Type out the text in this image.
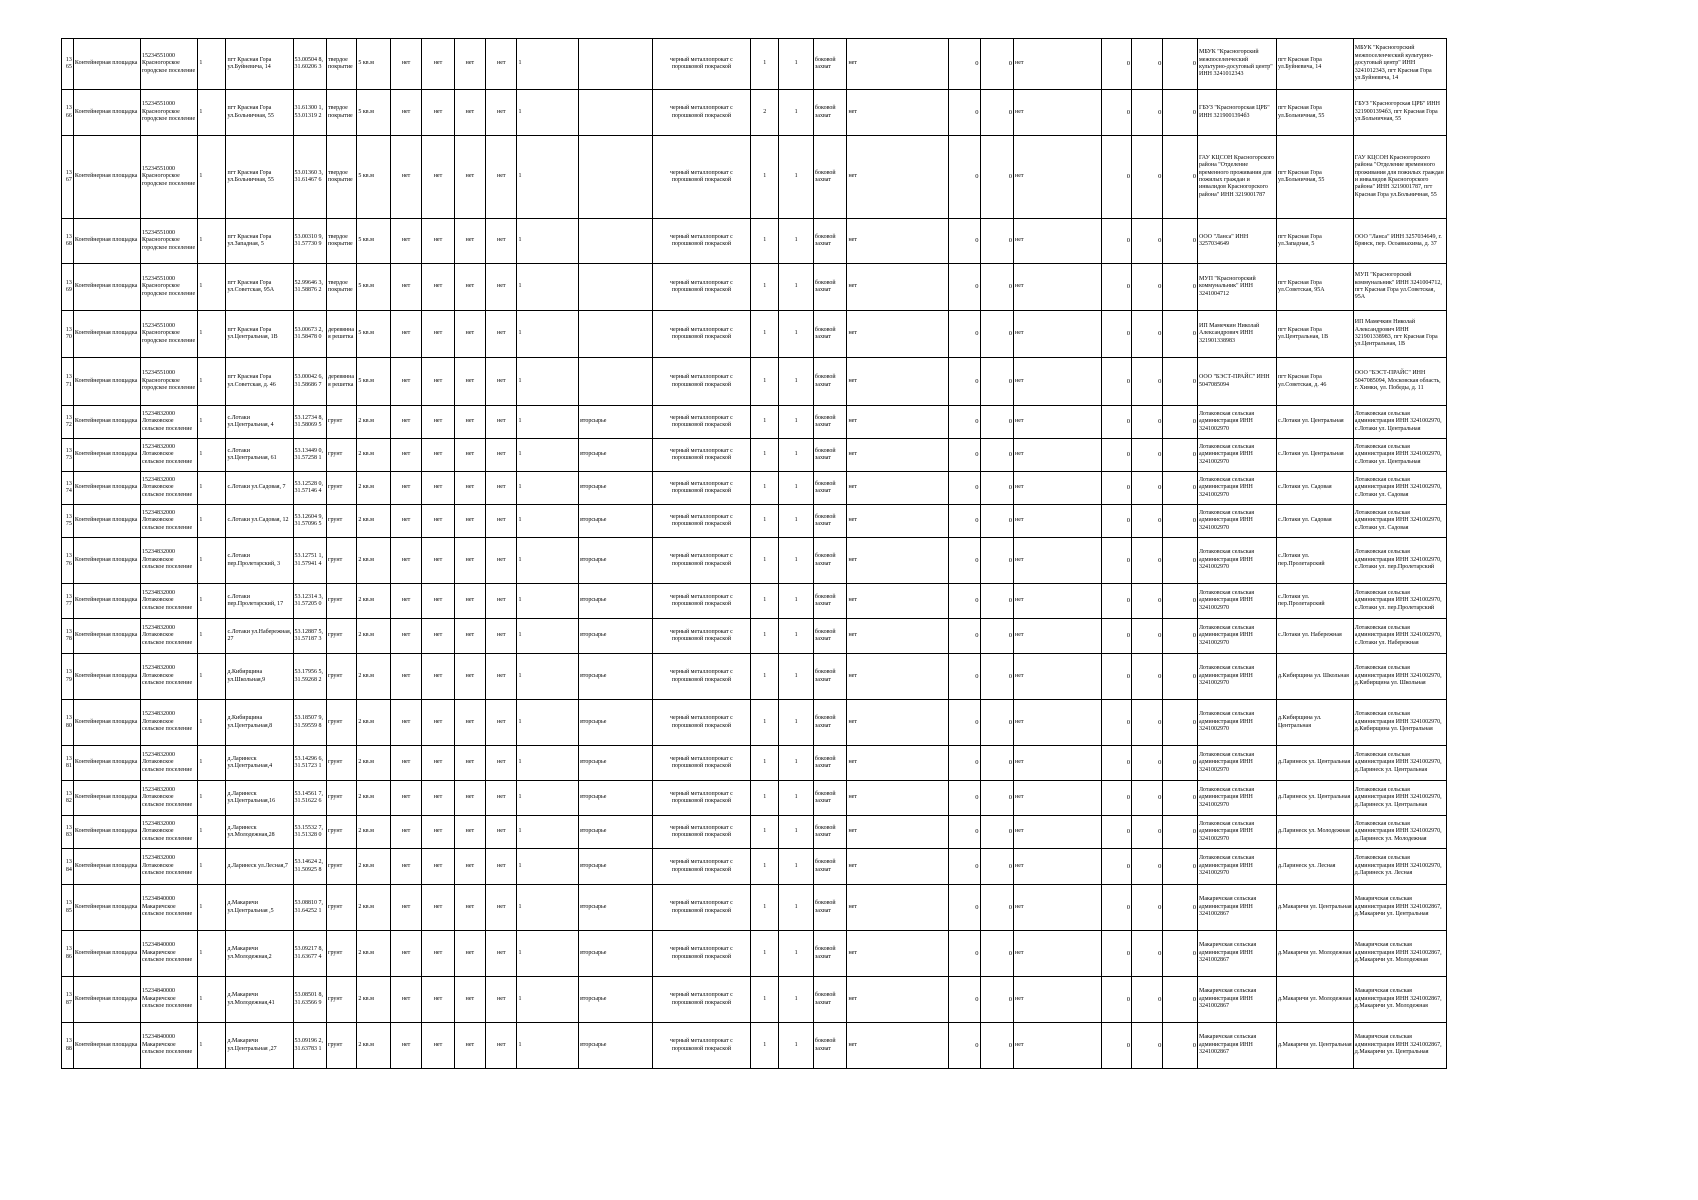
1365	Контейнерная площадка	15234551000 Красногорское городское поселение	1	пгт Красная Гора ул.Буйневича, 14	53.00504 8, 31.60206 3	твердое покрытие	5 кв.м	нет	нет	нет	нет	1		черный металлопрокат с порошковой покраской	1	1	боковой захват	нет	0	0	нет	0	0	0	МБУК "Красногорский межпоселенческий культурно-досуговый центр" ИНН 3241012343	пгт Красная Гора ул.Буйневича, 14	МБУК "Красногорский межпоселенческий культурно-досуговый центр" ИНН 3241012343, пгт Красная Гора ул.Буйневича, 14
1366	Контейнерная площадка	15234551000 Красногорское городское поселение	1	пгт Красная Гора ул.Больничная, 55	31.61300 1, 53.01319 2	твердое покрытие	5 кв.м	нет	нет	нет	нет	1		черный металлопрокат с порошковой покраской	2	1	боковой захват	нет	0	0	нет	0	0	0	ГБУЗ "Красногорская ЦРБ" ИНН 3219001394б3	пгт Красная Гора ул.Больничная, 55	ГБУЗ "Красногорская ЦРБ" ИНН 3219001394б3, пгт Красная Гора ул.Больничная, 55
1367	Контейнерная площадка	15234551000 Красногорское городское поселение	1	пгт Красная Гора ул.Больничная, 55	53.01360 3, 31.61467 6	твердое покрытие	5 кв.м	нет	нет	нет	нет	1		черный металлопрокат с порошковой покраской	1	1	боковой захват	нет	0	0	нет	0	0	0	ГАУ КЦСОН Красногорского района "Отделение временного проживания для пожилых граждан и инвалидов Красногорского района" ИНН 3219001787	пгт Красная Гора ул.Больничная, 55	ГАУ КЦСОН Красногорского района "Отделение временного проживания для пожилых граждан и инвалидов Красногорского района" ИНН 3219001787, пгт Красная Гора ул.Больничная, 55
1368	Контейнерная площадка	15234551000 Красногорское городское поселение	1	пгт Красная Гора ул.Западная, 5	53.00310 9, 31.57730 9	твердое покрытие	5 кв.м	нет	нет	нет	нет	1		черный металлопрокат с порошковой покраской	1	1	боковой захват	нет	0	0	нет	0	0	0	ООО "Ланса" ИНН 3257034649	пгт Красная Гора ул.Западная, 5	ООО "Ланса" ИНН 3257034649, г. Брянск, пер. Осоавиахима, д. 37
1369	Контейнерная площадка	15234551000 Красногорское городское поселение	1	пгт Красная Гора ул.Советская, 95А	52.99646 3, 31.58876 2	твердое покрытие	5 кв.м	нет	нет	нет	нет	1		черный металлопрокат с порошковой покраской	1	1	боковой захват	нет	0	0	нет	0	0	0	МУП "Красногорский коммунальник" ИНН 3241004712	пгт Красная Гора ул.Советская, 95А	МУП "Красногорский коммунальник" ИНН 3241004712, пгт Красная Гора ул.Советская, 95А
1370	Контейнерная площадка	15234551000 Красногорское городское поселение	1	пгт Красная Гора ул.Центральная, 1В	53.00673 2, 31.58478 0	деревянная решетка	5 кв.м	нет	нет	нет	нет	1		черный металлопрокат с порошковой покраской	1	1	боковой захват	нет	0	0	нет	0	0	0	ИП Мамечкин Николай Александрович ИНН 321901338983	пгт Красная Гора ул.Центральная, 1В	ИП Мамечкин Николай Александрович ИНН 321901338983, пгт Красная Гора ул.Центральная, 1В
1371	Контейнерная площадка	15234551000 Красногорское городское поселение	1	пгт Красная Гора ул.Советская, д. 46	53.00042 6, 31.58686 7	деревянная решетка	5 кв.м	нет	нет	нет	нет	1		черный металлопрокат с порошковой покраской	1	1	боковой захват	нет	0	0	нет	0	0	0	ООО "БЭСТ-ПРАЙС" ИНН 5047085094	пгт Красная Гора ул.Советская, д. 46	ООО "БЭСТ-ПРАЙС" ИНН 5047085094, Московская область, г. Химки, ул. Победы, д. 11
1372	Контейнерная площадка	15234832000 Лотаковское сельское поселение	1	с.Лотаки ул.Центральная, 4	53.12734 8, 31.58069 5	грунт	2 кв.м	нет	нет	нет	нет	1	вторсырье	черный металлопрокат с порошковой покраской	1	1	боковой захват	нет	0	0	нет	0	0	0	Лотаковская сельская администрация ИНН 3241002970	с.Лотаки ул. Центральная	Лотаковская сельская администрация ИНН 3241002970, с.Лотаки ул. Центральная
1373	Контейнерная площадка	15234832000 Лотаковское сельское поселение	1	с.Лотаки ул.Центральная, 61	53.13449 0, 31.57258 1	грунт	2 кв.м	нет	нет	нет	нет	1	вторсырье	черный металлопрокат с порошковой покраской	1	1	боковой захват	нет	0	0	нет	0	0	0	Лотаковская сельская администрация ИНН 3241002970	с.Лотаки ул. Центральная	Лотаковская сельская администрация ИНН 3241002970, с.Лотаки ул. Центральная
1374	Контейнерная площадка	15234832000 Лотаковское сельское поселение	1	с.Лотаки ул.Садовая, 7	53.12528 0, 31.57146 4	грунт	2 кв.м	нет	нет	нет	нет	1	вторсырье	черный металлопрокат с порошковой покраской	1	1	боковой захват	нет	0	0	нет	0	0	0	Лотаковская сельская администрация ИНН 3241002970	с.Лотаки ул. Садовая	Лотаковская сельская администрация ИНН 3241002970, с.Лотаки ул. Садовая
1375	Контейнерная площадка	15234832000 Лотаковское сельское поселение	1	с.Лотаки ул.Садовая, 12	53.12604 9, 31.57096 5	грунт	2 кв.м	нет	нет	нет	нет	1	вторсырье	черный металлопрокат с порошковой покраской	1	1	боковой захват	нет	0	0	нет	0	0	0	Лотаковская сельская администрация ИНН 3241002970	с.Лотаки ул. Садовая	Лотаковская сельская администрация ИНН 3241002970, с.Лотаки ул. Садовая
1376	Контейнерная площадка	15234832000 Лотаковское сельское поселение	1	с.Лотаки пер.Пролетарский, 3	53.12751 1, 31.57941 4	грунт	2 кв.м	нет	нет	нет	нет	1	вторсырье	черный металлопрокат с порошковой покраской	1	1	боковой захват	нет	0	0	нет	0	0	0	Лотаковская сельская администрация ИНН 3241002970	с.Лотаки ул. пер.Пролетарский	Лотаковская сельская администрация ИНН 3241002970, с.Лотаки ул. пер.Пролетарский
1377	Контейнерная площадка	15234832000 Лотаковское сельское поселение	1	с.Лотаки пер.Пролетарский, 17	53.12314 3, 31.57205 0	грунт	2 кв.м	нет	нет	нет	нет	1	вторсырье	черный металлопрокат с порошковой покраской	1	1	боковой захват	нет	0	0	нет	0	0	0	Лотаковская сельская администрация ИНН 3241002970	с.Лотаки ул. пер.Пролетарский	Лотаковская сельская администрация ИНН 3241002970, с.Лотаки ул. пер.Пролетарский
1378	Контейнерная площадка	15234832000 Лотаковское сельское поселение	1	с.Лотаки ул.Набережная, 27	53.12887 5, 31.57187 3	грунт	2 кв.м	нет	нет	нет	нет	1	вторсырье	черный металлопрокат с порошковой покраской	1	1	боковой захват	нет	0	0	нет	0	0	0	Лотаковская сельская администрация ИНН 3241002970	с.Лотаки ул. Набережная	Лотаковская сельская администрация ИНН 3241002970, с.Лотаки ул. Набережная
1379	Контейнерная площадка	15234832000 Лотаковское сельское поселение	1	д.Кибирщина ул.Школьная,9	53.17956 5, 31.59268 2	грунт	2 кв.м	нет	нет	нет	нет	1	вторсырье	черный металлопрокат с порошковой покраской	1	1	боковой захват	нет	0	0	нет	0	0	0	Лотаковская сельская администрация ИНН 3241002970	д.Кибирщина ул. Школьная	Лотаковская сельская администрация ИНН 3241002970, д.Кибирщина ул. Школьная
1380	Контейнерная площадка	15234832000 Лотаковское сельское поселение	1	д.Кибирщина ул.Центральная,8	53.18507 9, 31.59559 8	грунт	2 кв.м	нет	нет	нет	нет	1	вторсырье	черный металлопрокат с порошковой покраской	1	1	боковой захват	нет	0	0	нет	0	0	0	Лотаковская сельская администрация ИНН 3241002970	д.Кибирщина ул. Центральная	Лотаковская сельская администрация ИНН 3241002970, д.Кибирщина ул. Центральная
1381	Контейнерная площадка	15234832000 Лотаковское сельское поселение	1	д.Ларинеск ул.Центральная,4	53.14296 6, 31.51723 1	грунт	2 кв.м	нет	нет	нет	нет	1	вторсырье	черный металлопрокат с порошковой покраской	1	1	боковой захват	нет	0	0	нет	0	0	0	Лотаковская сельская администрация ИНН 3241002970	д.Ларинеск ул. Центральная	Лотаковская сельская администрация ИНН 3241002970, д.Ларинеск ул. Центральная
1382	Контейнерная площадка	15234832000 Лотаковское сельское поселение	1	д.Ларинеск ул.Центральная,16	53.14561 7, 31.51622 6	грунт	2 кв.м	нет	нет	нет	нет	1	вторсырье	черный металлопрокат с порошковой покраской	1	1	боковой захват	нет	0	0	нет	0	0	0	Лотаковская сельская администрация ИНН 3241002970	д.Ларинеск ул. Центральная	Лотаковская сельская администрация ИНН 3241002970, д.Ларинеск ул. Центральная
1383	Контейнерная площадка	15234832000 Лотаковское сельское поселение	1	д.Ларинеск ул.Молодежная,28	53.15532 7, 31.51328 0	грунт	2 кв.м	нет	нет	нет	нет	1	вторсырье	черный металлопрокат с порошковой покраской	1	1	боковой захват	нет	0	0	нет	0	0	0	Лотаковская сельская администрация ИНН 3241002970	д.Ларинеск ул. Молодежная	Лотаковская сельская администрация ИНН 3241002970, д.Ларинеск ул. Молодежная
1384	Контейнерная площадка	15234832000 Лотаковское сельское поселение	1	д.Ларинеск ул.Лесная,7	53.14624 2, 31.50925 8	грунт	2 кв.м	нет	нет	нет	нет	1	вторсырье	черный металлопрокат с порошковой покраской	1	1	боковой захват	нет	0	0	нет	0	0	0	Лотаковская сельская администрация ИНН 3241002970	д.Ларинеск ул. Лесная	Лотаковская сельская администрация ИНН 3241002970, д.Ларинеск ул. Лесная
1385	Контейнерная площадка	15234840000 Макаричское сельское поселение	1	д.Макаричи ул.Центральная ,5	53.08810 7, 31.64252 1	грунт	2 кв.м	нет	нет	нет	нет	1	вторсырье	черный металлопрокат с порошковой покраской	1	1	боковой захват	нет	0	0	нет	0	0	0	Макаричская сельская администрация ИНН 3241002867	д.Макаричи ул. Центральная	Макаричская сельская администрация ИНН 3241002867, д.Макаричи ул. Центральная
1386	Контейнерная площадка	15234840000 Макаричское сельское поселение	1	д.Макаричи ул.Молодежная,2	53.09217 8, 31.63677 4	грунт	2 кв.м	нет	нет	нет	нет	1	вторсырье	черный металлопрокат с порошковой покраской	1	1	боковой захват	нет	0	0	нет	0	0	0	Макаричская сельская администрация ИНН 3241002867	д.Макаричи ул. Молодежная	Макаричская сельская администрация ИНН 3241002867, д.Макаричи ул. Молодежная
1387	Контейнерная площадка	15234840000 Макаричское сельское поселение	1	д.Макаричи ул.Молодежная,41	53.08501 8, 31.63566 9	грунт	2 кв.м	нет	нет	нет	нет	1	вторсырье	черный металлопрокат с порошковой покраской	1	1	боковой захват	нет	0	0	нет	0	0	0	Макаричская сельская администрация ИНН 3241002867	д.Макаричи ул. Молодежная	Макаричская сельская администрация ИНН 3241002867, д.Макаричи ул. Молодежная
1388	Контейнерная площадка	15234840000 Макаричское сельское поселение	1	д.Макаричи ул.Центральная ,27	53.09196 2, 31.63783 1	грунт	2 кв.м	нет	нет	нет	нет	1	вторсырье	черный металлопрокат с порошковой покраской	1	1	боковой захват	нет	0	0	нет	0	0	0	Макаричская сельская администрация ИНН 3241002867	д.Макаричи ул. Центральная	Макаричская сельская администрация ИНН 3241002867, д.Макаричи ул. Центральная
